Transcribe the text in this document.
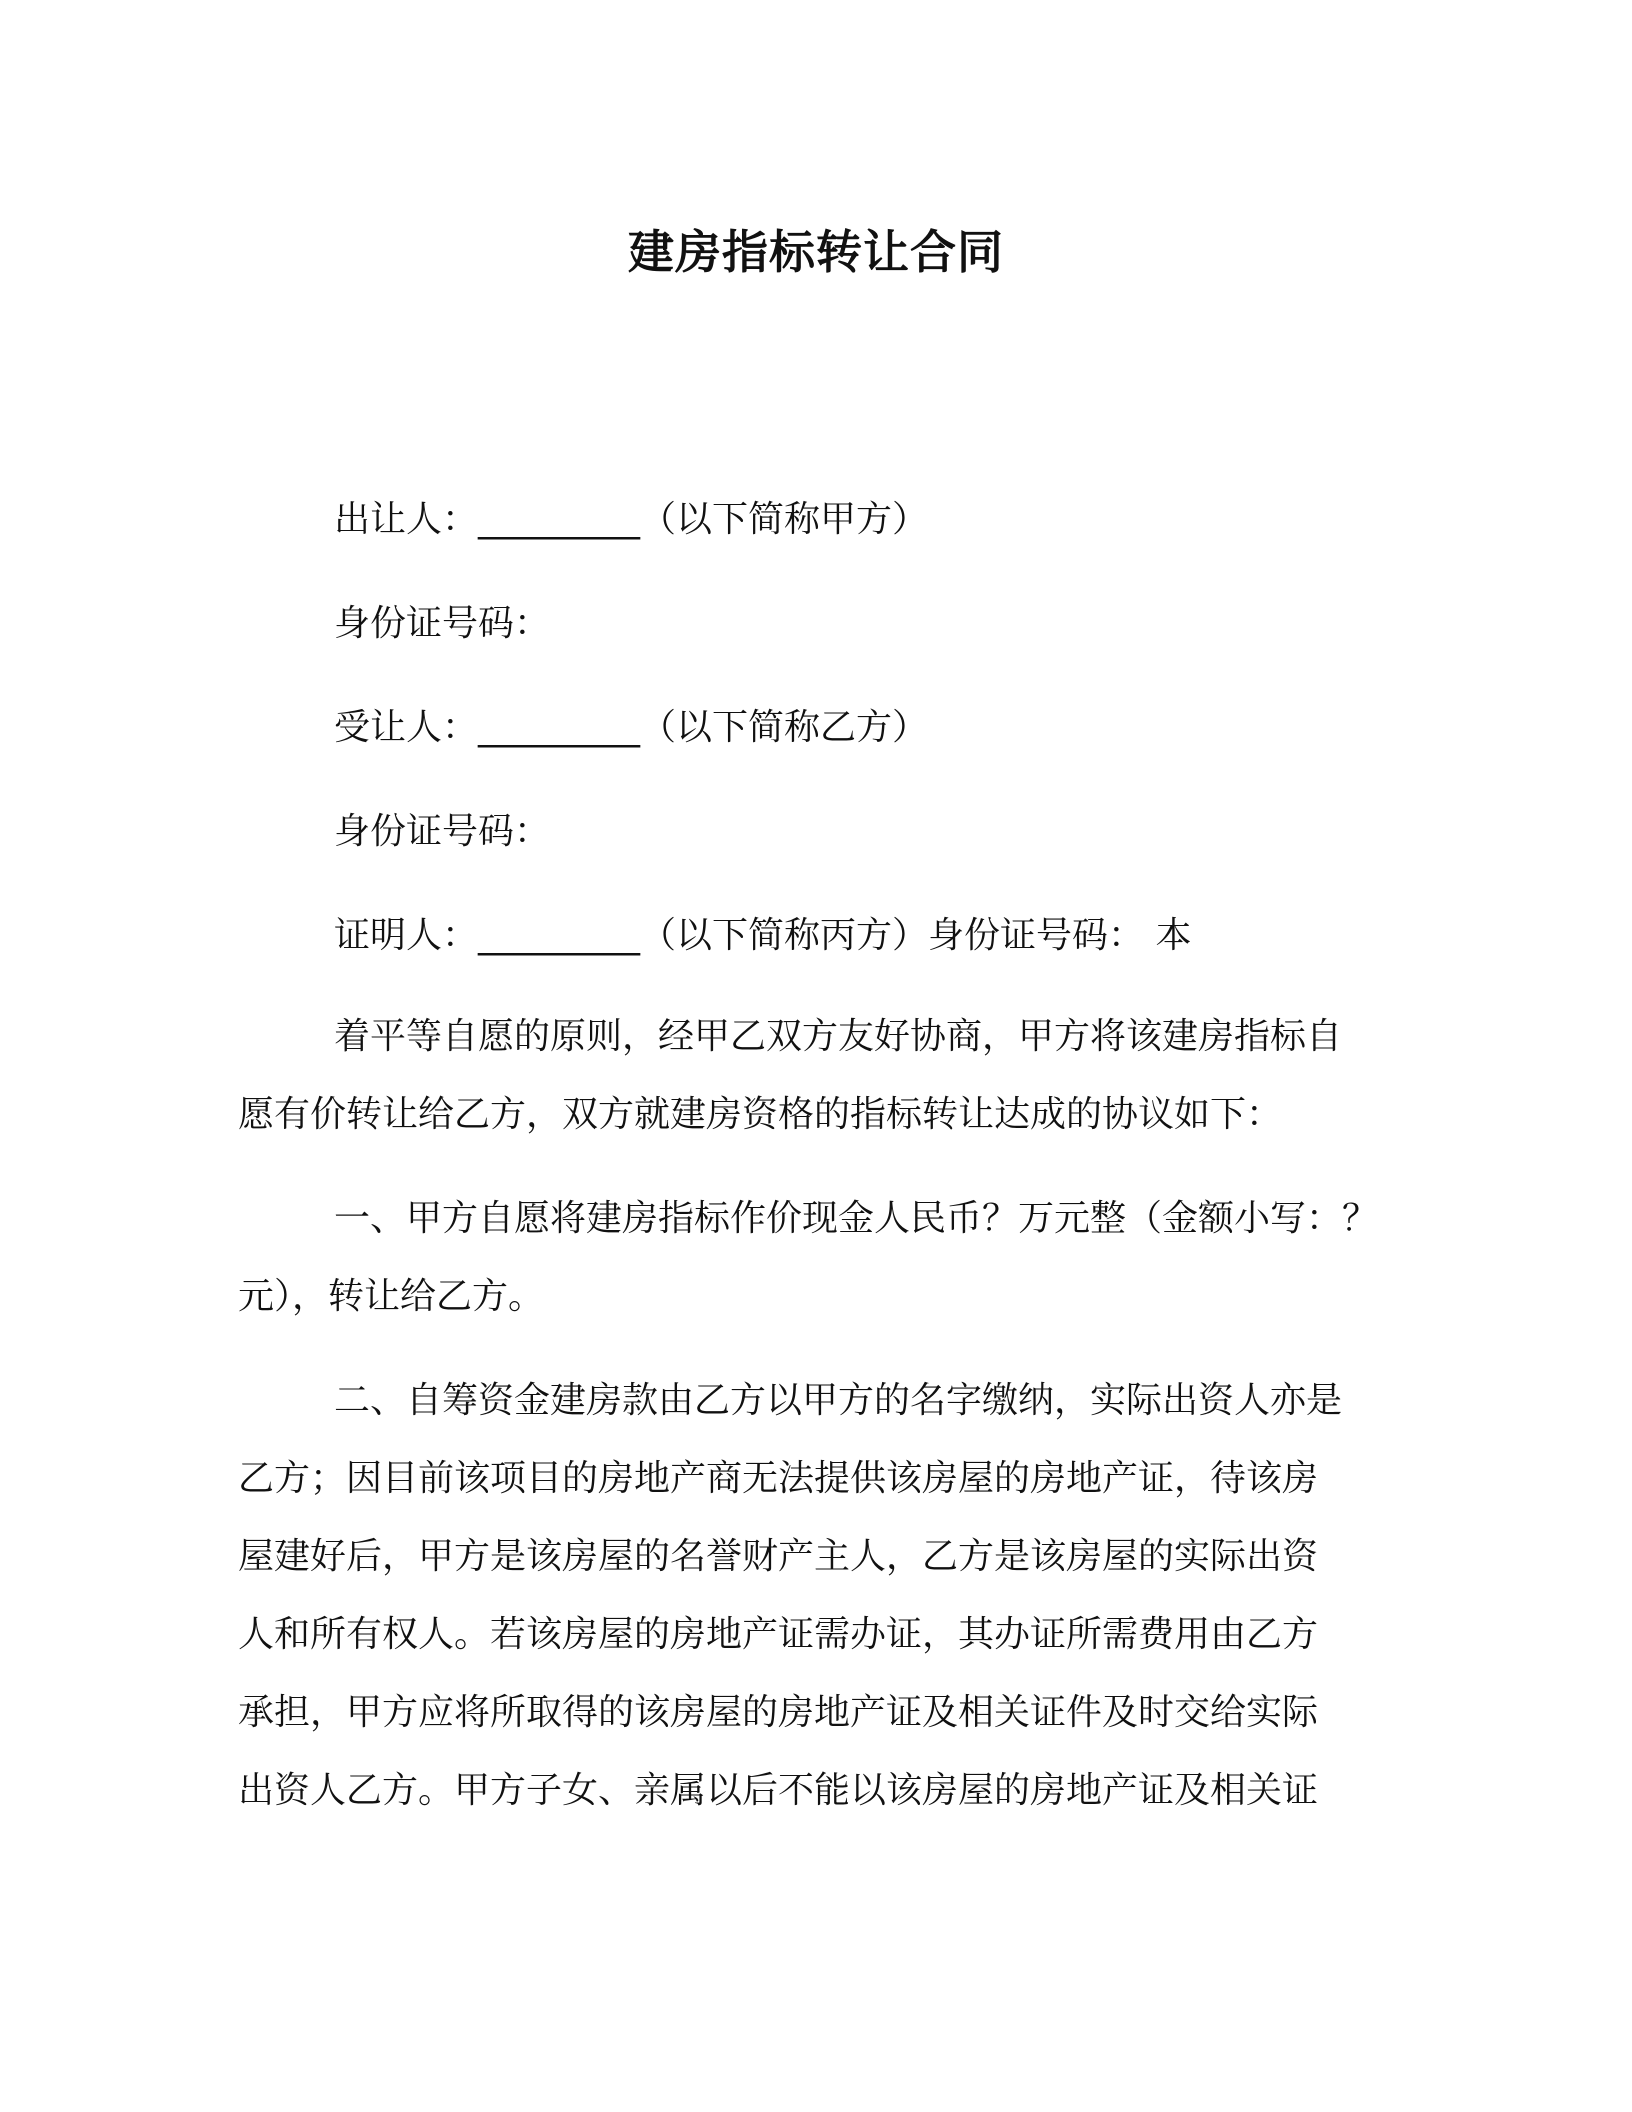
建房指标转让合同
出让人：_________（以下简称甲方）
身份证号码：
受让人：_________（以下简称乙方）
身份证号码：
证明人：_________（以下简称丙方）身份证号码： 本
着平等自愿的原则，经甲乙双方友好协商，甲方将该建房指标自
愿有价转让给乙方，双方就建房资格的指标转让达成的协议如下：
一、甲方自愿将建房指标作价现金人民币？万元整（金额小写：？
元），转让给乙方。
二、自筹资金建房款由乙方以甲方的名字缴纳，实际出资人亦是
乙方；因目前该项目的房地产商无法提供该房屋的房地产证，待该房
屋建好后，甲方是该房屋的名誉财产主人，乙方是该房屋的实际出资
人和所有权人。若该房屋的房地产证需办证，其办证所需费用由乙方
承担，甲方应将所取得的该房屋的房地产证及相关证件及时交给实际
出资人乙方。甲方子女、亲属以后不能以该房屋的房地产证及相关证
